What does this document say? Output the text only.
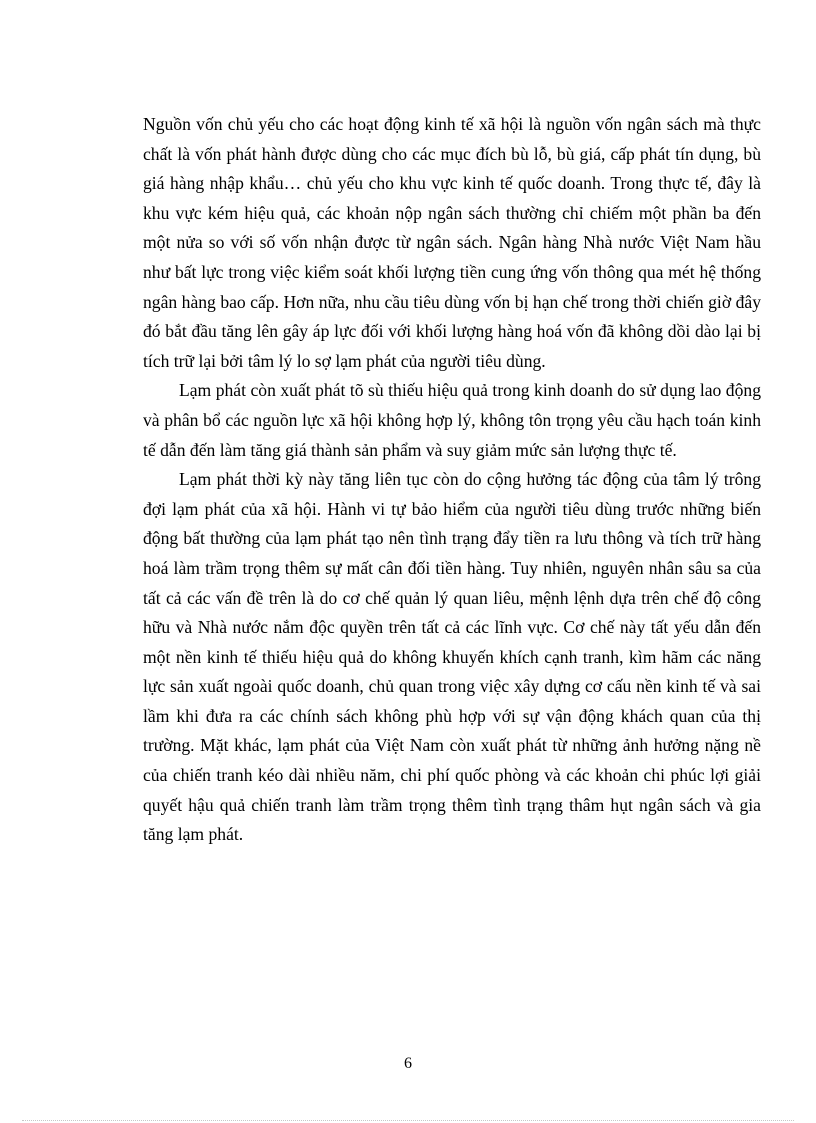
Nguồn vốn chủ yếu cho các hoạt động kinh tế xã hội là nguồn vốn ngân sách mà thực chất là vốn phát hành được dùng cho các mục đích bù lỗ, bù giá, cấp phát tín dụng, bù giá hàng nhập khẩu… chủ yếu cho khu vực kinh tế quốc doanh. Trong thực tế, đây là khu vực kém hiệu quả, các khoản nộp ngân sách thường chỉ chiếm một phần ba đến một nửa so với số vốn nhận được từ ngân sách. Ngân hàng Nhà nước Việt Nam hầu như bất lực trong việc kiểm soát khối lượng tiền cung ứng vốn thông qua mét hệ thống ngân hàng bao cấp. Hơn nữa, nhu cầu tiêu dùng vốn bị hạn chế trong thời chiến giờ đây đó bắt đầu tăng lên gây áp lực đối với khối lượng hàng hoá vốn đã không dồi dào lại bị tích trữ lại bởi tâm lý lo sợ lạm phát của người tiêu dùng.

Lạm phát còn xuất phát tõ sù thiếu hiệu quả trong kinh doanh do sử dụng lao động và phân bổ các nguồn lực xã hội không hợp lý, không tôn trọng yêu cầu hạch toán kinh tế dẫn đến làm tăng giá thành sản phẩm và suy giảm mức sản lượng thực tế.

Lạm phát thời kỳ này tăng liên tục còn do cộng hưởng tác động của tâm lý trông đợi lạm phát của xã hội. Hành vi tự bảo hiểm của người tiêu dùng trước những biến động bất thường của lạm phát tạo nên tình trạng đẩy tiền ra lưu thông và tích trữ hàng hoá làm trầm trọng thêm sự mất cân đối tiền hàng. Tuy nhiên, nguyên nhân sâu sa của tất cả các vấn đề trên là do cơ chế quản lý quan liêu, mệnh lệnh dựa trên chế độ công hữu và Nhà nước nắm độc quyền trên tất cả các lĩnh vực. Cơ chế này tất yếu dẫn đến một nền kinh tế thiếu hiệu quả do không khuyến khích cạnh tranh, kìm hãm các năng lực sản xuất ngoài quốc doanh, chủ quan trong việc xây dựng cơ cấu nền kinh tế và sai lầm khi đưa ra các chính sách không phù hợp với sự vận động khách quan của thị trường. Mặt khác, lạm phát của Việt Nam còn xuất phát từ những ảnh hưởng nặng nề của chiến tranh kéo dài nhiều năm, chi phí quốc phòng và các khoản chi phúc lợi giải quyết hậu quả chiến tranh làm trầm trọng thêm tình trạng thâm hụt ngân sách và gia tăng lạm phát.

6
